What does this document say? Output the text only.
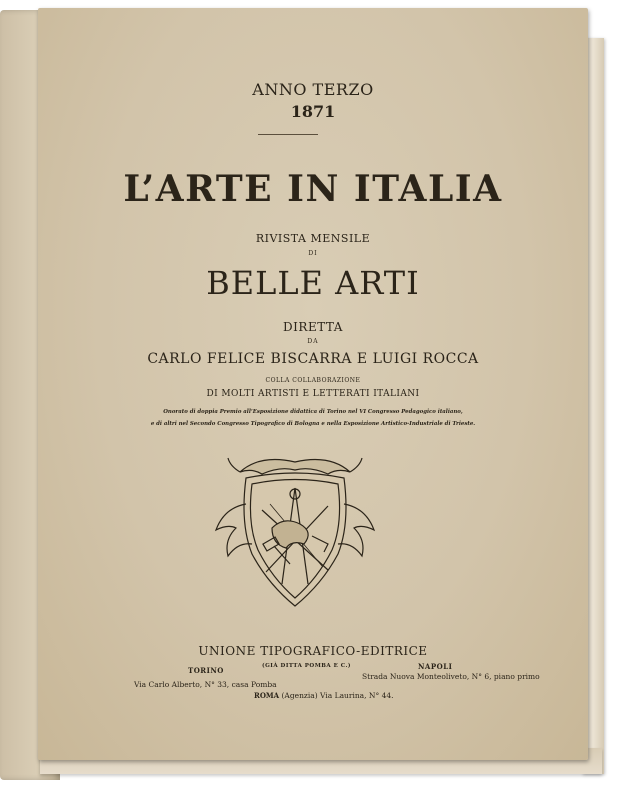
ANNO TERZO
1871
L’ARTE IN ITALIA
RIVISTA MENSILE
DI
BELLE ARTI
DIRETTA
DA
CARLO FELICE BISCARRA E LUIGI ROCCA
COLLA COLLABORAZIONE
DI MOLTI ARTISTI E LETTERATI ITALIANI
Onorato di doppia Premio all’Esposizione didattica di Torino nel VI Congresso Pedagogico italiano,
e di altri nel Secondo Congresso Tipografico di Bologna e nella Esposizione Artistico-Industriale di Trieste.
UNIONE TIPOGRAFICO-EDITRICE
TORINO
Via Carlo Alberto, N° 33, casa Pomba
(GIÀ DITTA POMBA E C.)	NAPOLI
Strada Nuova Monteoliveto, N° 6, piano primo
ROMA (Agenzia) Via Laurina, N° 44.
